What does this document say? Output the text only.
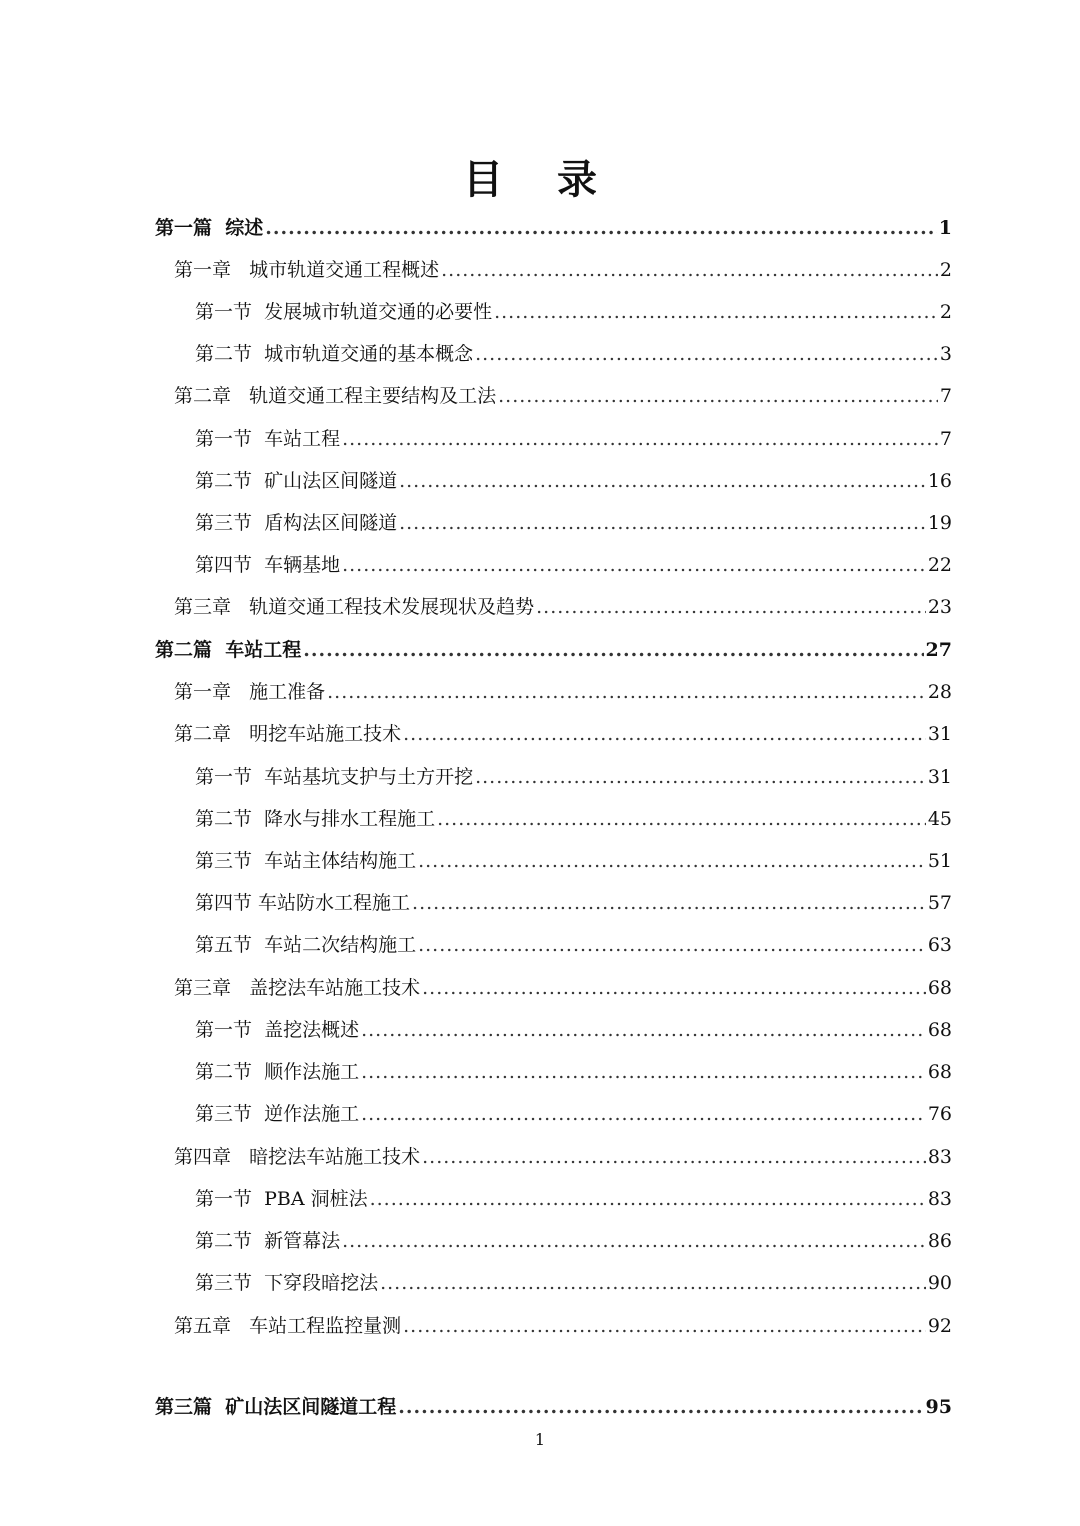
目 录
第一篇  综述 .....	1
第一章   城市轨道交通工程概述 .....	2
第一节  发展城市轨道交通的必要性 .....	2
第二节  城市轨道交通的基本概念 .....	3
第二章   轨道交通工程主要结构及工法 .....	7
第一节  车站工程 .....	7
第二节  矿山法区间隧道 .....	16
第三节  盾构法区间隧道 .....	19
第四节  车辆基地 .....	22
第三章   轨道交通工程技术发展现状及趋势 .....	23
第二篇  车站工程 .....	27
第一章   施工准备 .....	28
第二章   明挖车站施工技术 .....	31
第一节  车站基坑支护与土方开挖 .....	31
第二节  降水与排水工程施工 .....	45
第三节  车站主体结构施工 .....	51
第四节 车站防水工程施工 .....	57
第五节  车站二次结构施工 .....	63
第三章   盖挖法车站施工技术 .....	68
第一节  盖挖法概述 .....	68
第二节  顺作法施工 .....	68
第三节  逆作法施工 .....	76
第四章   暗挖法车站施工技术 .....	83
第一节  PBA 洞桩法 .....	83
第二节  新管幕法 .....	86
第三节  下穿段暗挖法 .....	90
第五章   车站工程监控量测 .....	92
第三篇  矿山法区间隧道工程 .....	95
1
